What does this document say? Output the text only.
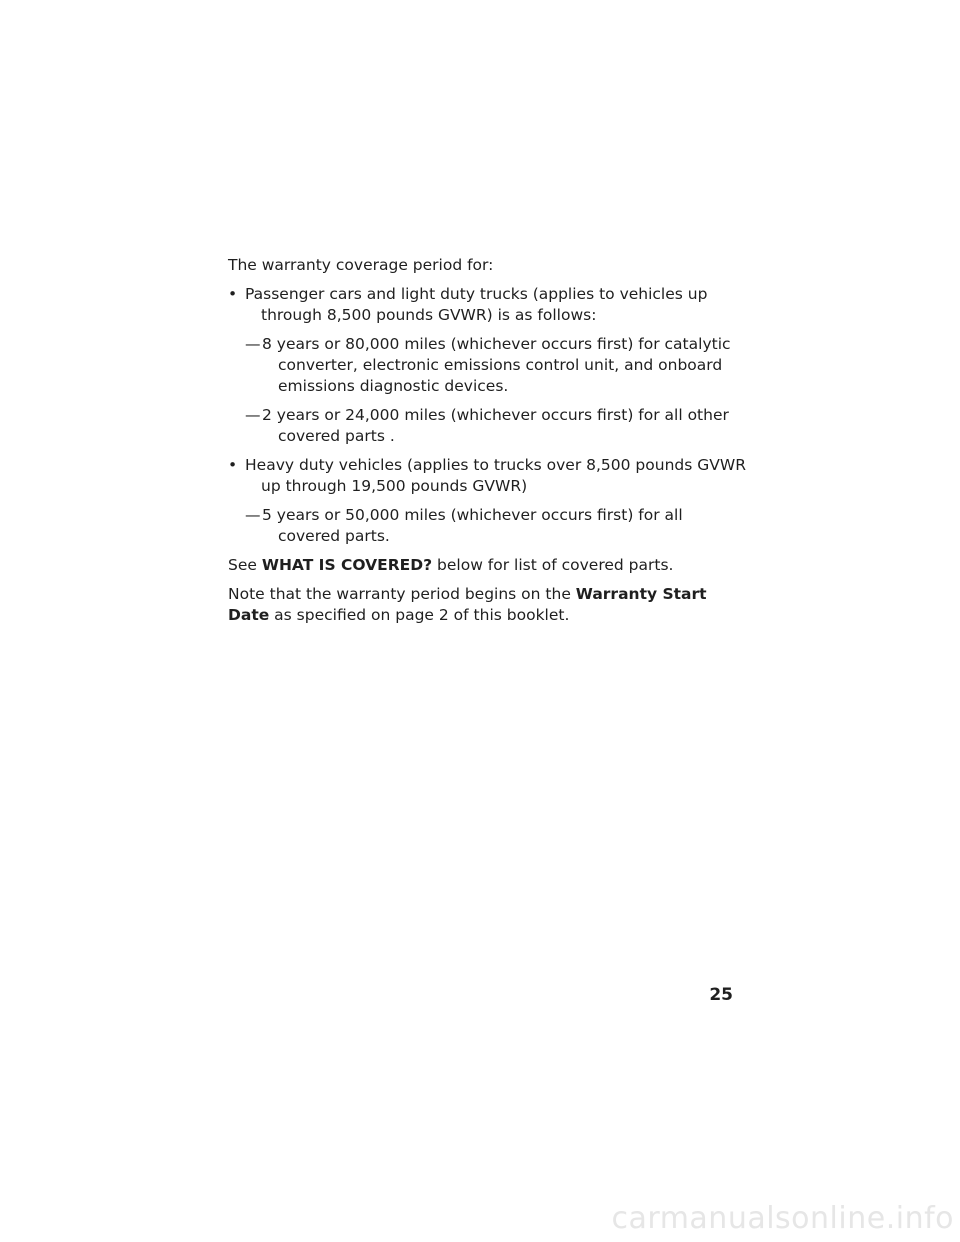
The warranty coverage period for:

• Passenger cars and light duty trucks (applies to vehicles up through 8,500 pounds GVWR) is as follows:
— 8 years or 80,000 miles (whichever occurs first) for catalytic converter, electronic emissions control unit, and onboard emissions diagnostic devices.
— 2 years or 24,000 miles (whichever occurs first) for all other covered parts .
• Heavy duty vehicles (applies to trucks over 8,500 pounds GVWR up through 19,500 pounds GVWR)
— 5 years or 50,000 miles (whichever occurs first) for all covered parts.

See WHAT IS COVERED? below for list of covered parts.

Note that the warranty period begins on the Warranty Start Date as specified on page 2 of this booklet.

25
carmanualsonline.info
